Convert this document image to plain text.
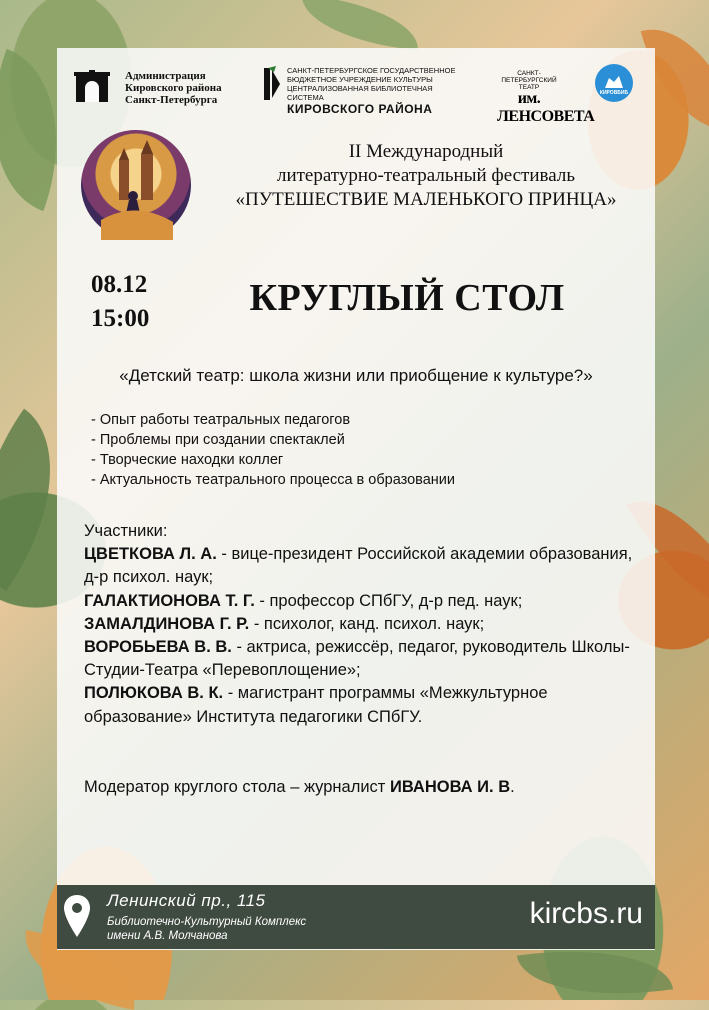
Администрация
Кировского района
Санкт-Петербурга
САНКТ-ПЕТЕРБУРГСКОЕ ГОСУДАРСТВЕННОЕ
БЮДЖЕТНОЕ УЧРЕЖДЕНИЕ КУЛЬТУРЫ
ЦЕНТРАЛИЗОВАННАЯ БИБЛИОТЕЧНАЯ СИСТЕМА
КИРОВСКОГО РАЙОНА
САНКТ-ПЕТЕРБУРГСКИЙ
ТЕАТР
им. ЛЕНСОВЕТА
КИРОВБИБ
II Международный
литературно-театральный фестиваль
«ПУТЕШЕСТВИЕ МАЛЕНЬКОГО ПРИНЦА»
08.12
15:00	КРУГЛЫЙ СТОЛ
«Детский театр: школа жизни или приобщение к культуре?»
- Опыт работы театральных педагогов
- Проблемы при создании спектаклей
- Творческие находки коллег
- Актуальность театрального процесса в образовании
Участники:
ЦВЕТКОВА Л. А. - вице-президент Российской академии образования, д-р психол. наук;
ГАЛАКТИОНОВА Т. Г. - профессор СПбГУ, д-р пед. наук;
ЗАМАЛДИНОВА Г. Р. - психолог, канд. психол. наук;
ВОРОБЬЕВА В. В. - актриса, режиссёр, педагог, руководитель Школы-Студии-Театра «Перевоплощение»;
ПОЛЮКОВА В. К. - магистрант программы «Межкультурное образование» Института педагогики СПбГУ.
Модератор круглого стола – журналист ИВАНОВА И. В.
Ленинский пр., 115
Библиотечно-Культурный Комплекс
имени А.В. Молчанова
kircbs.ru
